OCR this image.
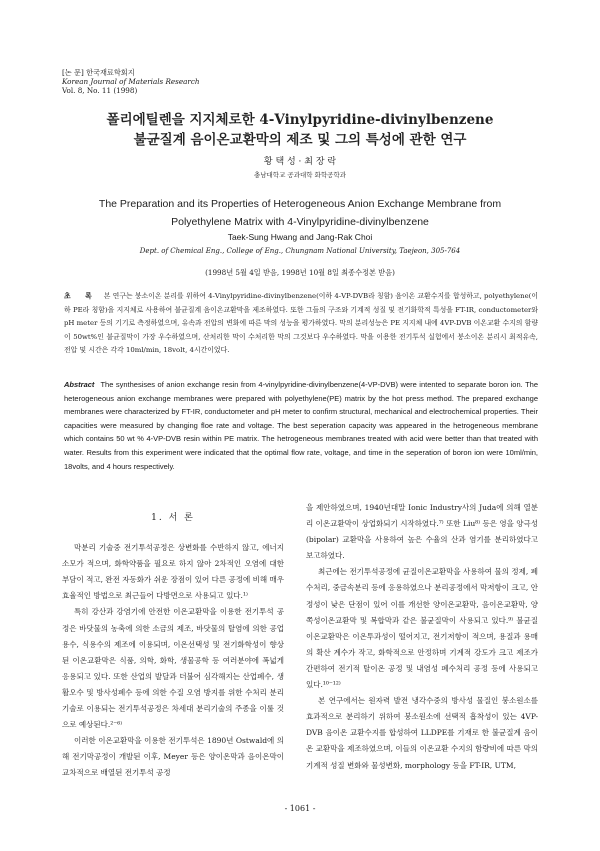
[논 문] 한국재료학회지
Korean Journal of Materials Research
Vol. 8, No. 11 (1998)
폴리에틸렌을 지지체로한 4-Vinylpyridine-divinylbenzene
불균질계 음이온교환막의 제조 및 그의 특성에 관한 연구
황 택 성 · 최 장 락
충남대학교 공과대학 화학공학과
The Preparation and its Properties of Heterogeneous Anion Exchange Membrane from
Polyethylene Matrix with 4-Vinylpyridine-divinylbenzene
Taek-Sung Hwang and Jang-Rak Choi
Dept. of Chemical Eng., College of Eng., Chungnam National University, Taejeon, 305-764
(1998년 5월 4일 받음, 1998년 10월 8일 최종수정본 받음)
초 록 본 연구는 붕소이온 분리를 위하여 4-Vinylpyridine-divinylbenzene(이하 4-VP-DVB라 칭함) 음이온 교환수지를 합성하고, polyethylene(이하 PE라 칭함)을 지지체로 사용하여 불균질계 음이온교환막을 제조하였다. 또한 그들의 구조와 기계적 성질 및 전기화학적 특성을 FT-IR, conductometer와 pH meter 등의 기기로 측정하였으며, 유속과 전압의 변화에 따른 막의 성능을 평가하였다. 막의 분리성능은 PE 지지체 내에 4VP-DVB 이온교환 수지의 함량이 50wt%인 불균질막이 가장 우수하였으며, 산처리한 막이 수처리한 막의 그것보다 우수하였다. 막을 이용한 전기투석 실험에서 붕소이온 분리시 최적유속, 전압 및 시간은 각각 10ml/min, 18volt, 4시간이었다.
Abstract The synthesises of anion exchange resin from 4-vinylpyridine-divinylbenzene(4-VP-DVB) were intented to separate boron ion. The heterogeneous anion exchange membranes were prepared with polyethylene(PE) matrix by the hot press method. The prepared exchange membranes were characterized by FT-IR, conductometer and pH meter to confirm structural, mechanical and electrochemical properties. Their capacities were measured by changing floe rate and voltage. The best seperation capacity was appeared in the hetrogeneous membrane which contains 50 wt % 4-VP-DVB resin within PE matrix. The hetrogeneous membranes treated with acid were better than that treated with water. Results from this experiment were indicated that the optimal flow rate, voltage, and time in the seperation of boron ion were 10ml/min, 18volts, and 4 hours respectively.
1. 서 론

막분리 기술중 전기투석공정은 상변화를 수반하지 않고, 에너지 소모가 적으며, 화학약품을 필요로 하지 않아 2차적인 오염에 대한 부담이 적고, 완전 자동화가 쉬운 장점이 있어 다른 공정에 비해 매우 효율적인 방법으로 최근들어 다방면으로 사용되고 있다.¹⁾

특히 강산과 강염기에 안전한 이온교환막을 이용한 전기투석 공정은 바닷물의 농축에 의한 소금의 제조, 바닷물의 탈염에 의한 공업용수, 식용수의 제조에 이용되며, 이온선택성 및 전기화학성이 향상된 이온교환막은 식품, 의학, 화학, 생물공학 등 여러분야에 폭넓게 응용되고 있다. 또한 산업의 발달과 더불어 심각해지는 산업폐수, 생활오수 및 방사성폐수 등에 의한 수질 오염 방지를 위한 수처리 분리기술로 이용되는 전기투석공정은 차세대 분리기술의 주종을 이룰 것으로 예상된다.²⁻⁶⁾

이러한 이온교환막을 이용한 전기투석은 1890년 Ostwald에 의해 전기막공정이 개발된 이후, Meyer 등은 양이온막과 음이온막이 교차적으로 배열된 전기투석 공정

을 제안하였으며, 1940년대말 Ionic Industry사의 Juda에 의해 열분리 이온교환막이 상업화되기 시작하였다.⁷⁾ 또한 Liu⁸⁾ 등은 영을 양극성(bipolar) 교환막을 사용하여 높은 수율의 산과 염기를 분리하였다고 보고하였다.

최근에는 전기투석공정에 균질이온교환막을 사용하여 물의 정제, 폐수처리, 중금속분리 등에 응용하였으나 분리공정에서 막저항이 크고, 안정성이 낮은 단점이 있어 이를 개선한 양이온교환막, 음이온교환막, 양쪽성이온교환막 및 복합막과 같은 불균질막이 사용되고 있다.⁹⁾ 불균질이온교환막은 이온투과성이 떨어지고, 전기저항이 적으며, 용질과 용매의 확산 계수가 작고, 화학적으로 안정하며 기계적 강도가 크고 제조가 간편하여 전기적 탈이온 공정 및 내염성 폐수처리 공정 등에 사용되고 있다.¹⁰⁻¹²⁾

본 연구에서는 원자력 발전 냉각수중의 방사성 물질인 붕소원소를 효과적으로 분리하기 위하여 붕소원소에 선택적 흡착성이 있는 4VP-DVB 음이온 교환수지를 합성하여 LLDPE를 기재로 한 불균질계 음이온 교환막을 제조하였으며, 이들의 이온교환 수지의 함량비에 따른 막의 기계적 성질 변화와 물성변화, morphology 등을 FT-IR, UTM,

- 1061 -
